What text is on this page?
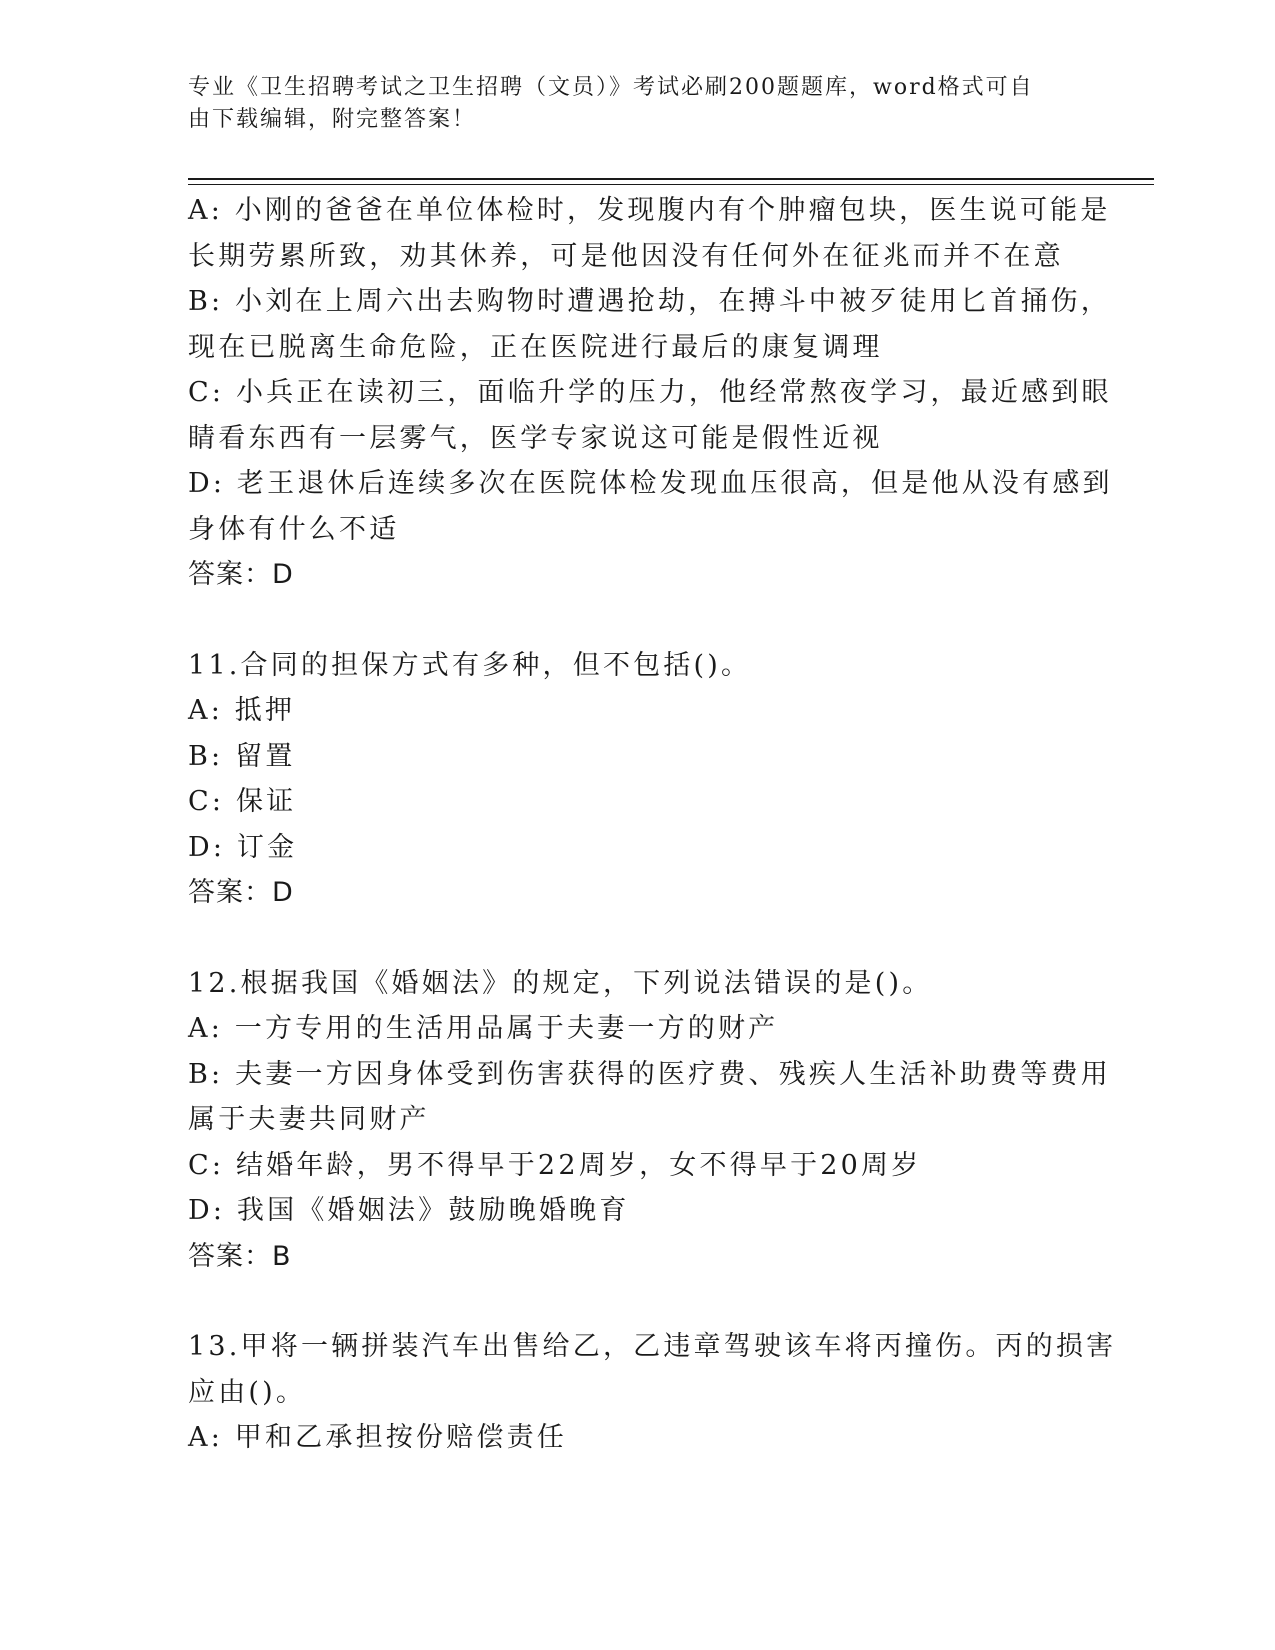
专业《卫生招聘考试之卫生招聘（文员）》考试必刷200题题库，word格式可自
由下载编辑，附完整答案！
A: 小刚的爸爸在单位体检时，发现腹内有个肿瘤包块，医生说可能是
长期劳累所致，劝其休养，可是他因没有任何外在征兆而并不在意
B: 小刘在上周六出去购物时遭遇抢劫，在搏斗中被歹徒用匕首捅伤，
现在已脱离生命危险，正在医院进行最后的康复调理
C: 小兵正在读初三，面临升学的压力，他经常熬夜学习，最近感到眼
睛看东西有一层雾气，医学专家说这可能是假性近视
D: 老王退休后连续多次在医院体检发现血压很高，但是他从没有感到
身体有什么不适
答案：D
11.合同的担保方式有多种，但不包括()。
A: 抵押
B: 留置
C: 保证
D: 订金
答案：D
12.根据我国《婚姻法》的规定，下列说法错误的是()。
A: 一方专用的生活用品属于夫妻一方的财产
B: 夫妻一方因身体受到伤害获得的医疗费、残疾人生活补助费等费用
属于夫妻共同财产
C: 结婚年龄，男不得早于22周岁，女不得早于20周岁
D: 我国《婚姻法》鼓励晚婚晚育
答案：B
13.甲将一辆拼装汽车出售给乙，乙违章驾驶该车将丙撞伤。丙的损害
应由()。
A: 甲和乙承担按份赔偿责任
